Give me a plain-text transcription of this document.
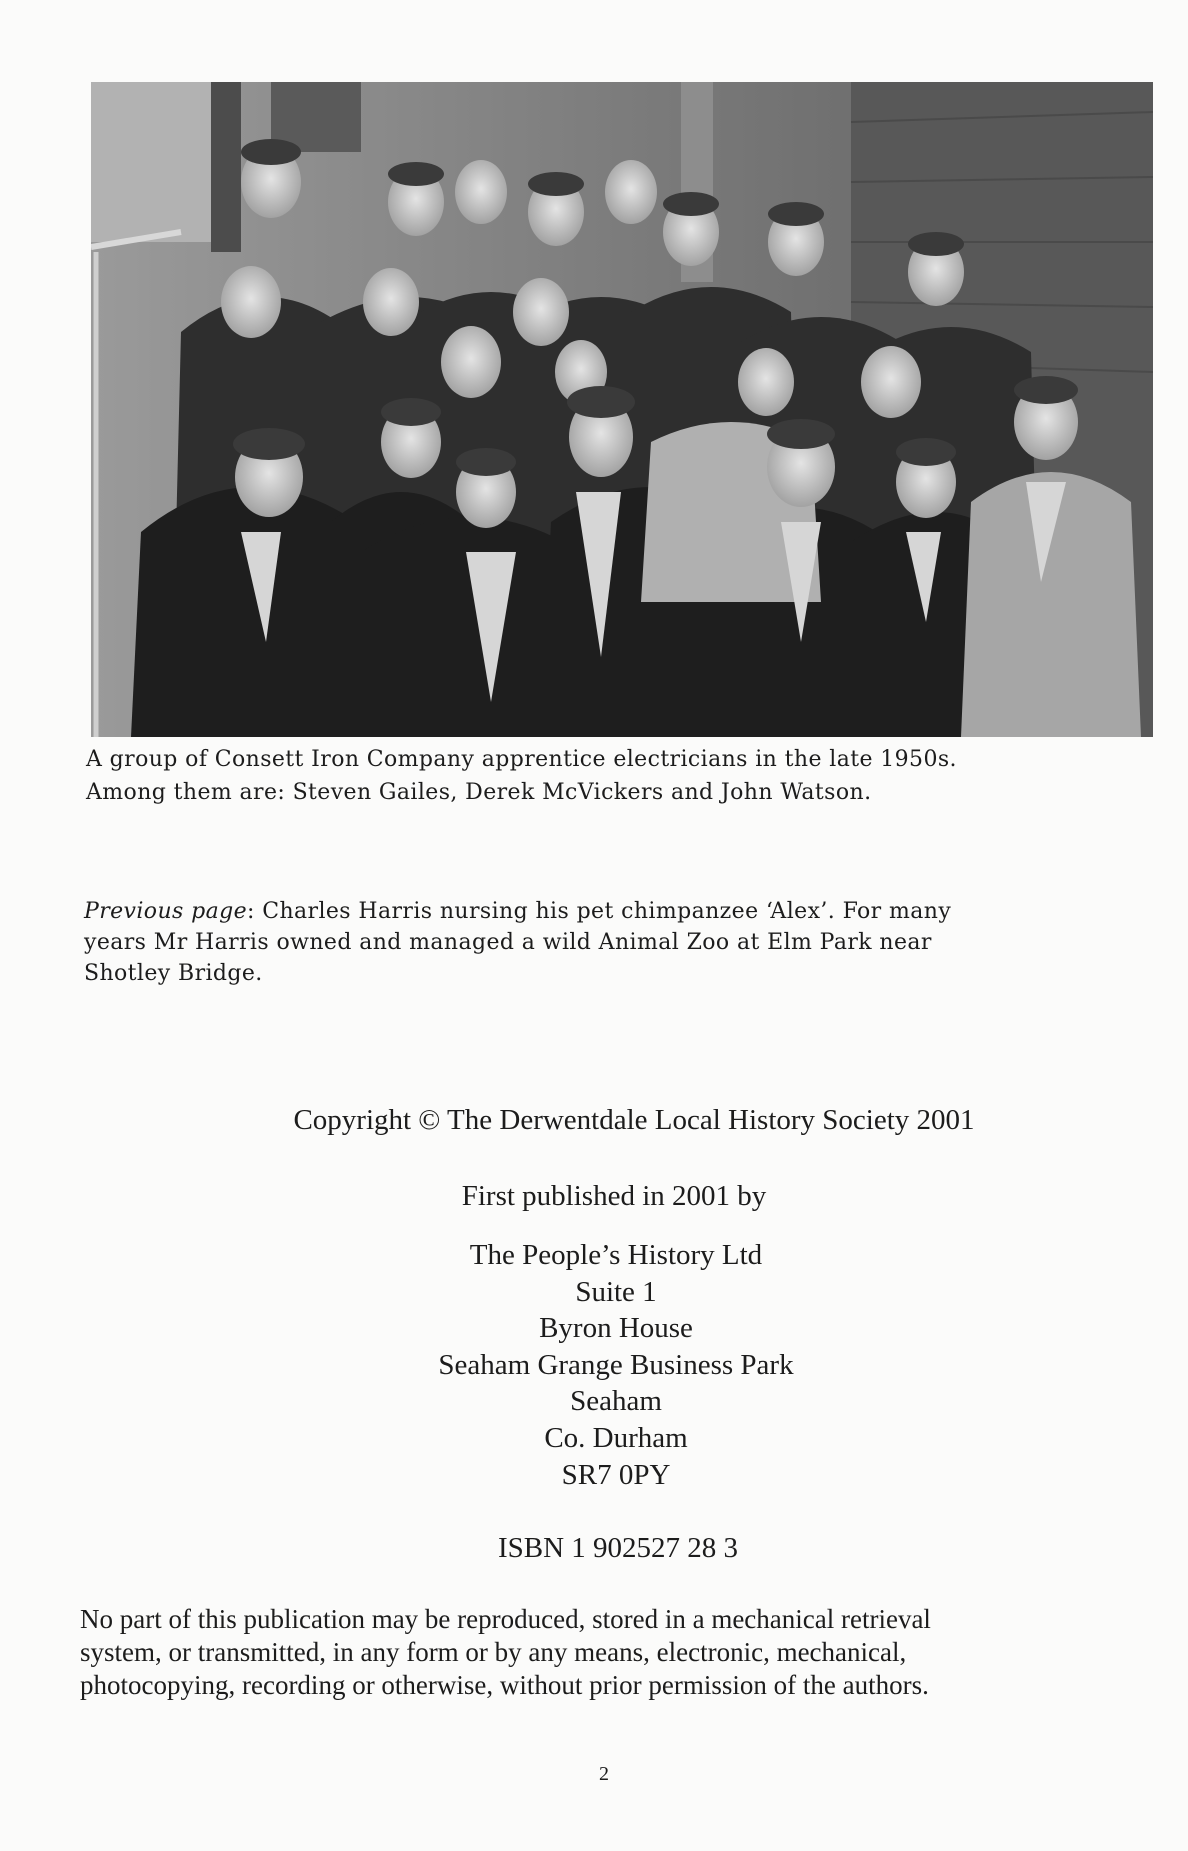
A group of Consett Iron Company apprentice electricians in the late 1950s.
Among them are: Steven Gailes, Derek McVickers and John Watson.

Previous page: Charles Harris nursing his pet chimpanzee ‘Alex’. For many
years Mr Harris owned and managed a wild Animal Zoo at Elm Park near
Shotley Bridge.

Copyright © The Derwentdale Local History Society 2001

First published in 2001 by

The People’s History Ltd
Suite 1
Byron House
Seaham Grange Business Park
Seaham
Co. Durham
SR7 0PY

ISBN 1 902527 28 3

No part of this publication may be reproduced, stored in a mechanical retrieval
system, or transmitted, in any form or by any means, electronic, mechanical,
photocopying, recording or otherwise, without prior permission of the authors.

2
